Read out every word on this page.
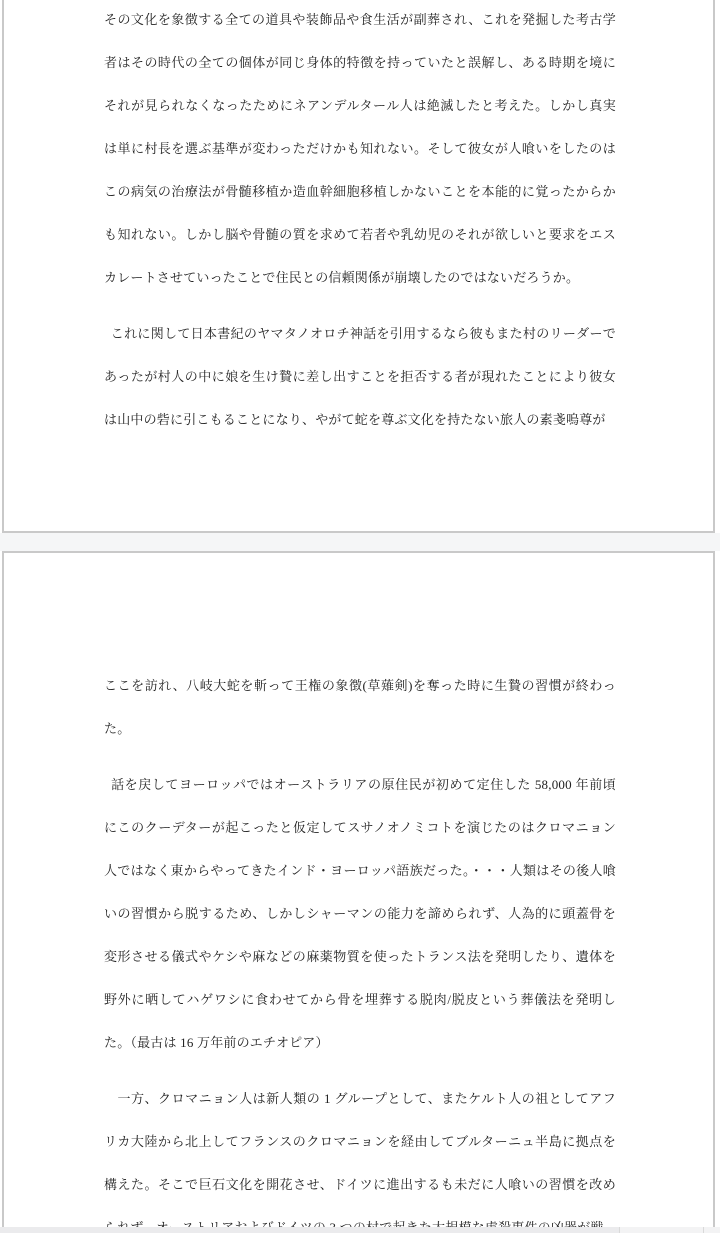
その文化を象徴する全ての道具や装飾品や食生活が副葬され、これを発掘した考古学
者はその時代の全ての個体が同じ身体的特徴を持っていたと誤解し、ある時期を境に
それが見られなくなったためにネアンデルタール人は絶滅したと考えた。しかし真実
は単に村長を選ぶ基準が変わっただけかも知れない。そして彼女が人喰いをしたのは
この病気の治療法が骨髄移植か造血幹細胞移植しかないことを本能的に覚ったからか
も知れない。しかし脳や骨髄の質を求めて若者や乳幼児のそれが欲しいと要求をエス
カレートさせていったことで住民との信頼関係が崩壊したのではないだろうか。
 これに関して日本書紀のヤマタノオロチ神話を引用するなら彼もまた村のリーダーで
あったが村人の中に娘を生け贄に差し出すことを拒否する者が現れたことにより彼女
は山中の砦に引こもることになり、やがて蛇を尊ぶ文化を持たない旅人の素戔嗚尊が
ここを訪れ、八岐大蛇を斬って王権の象徴(草薙剣)を奪った時に生贄の習慣が終わっ
た。
 話を戻してヨーロッパではオーストラリアの原住民が初めて定住した 58,000 年前頃
にこのクーデターが起こったと仮定してスサノオノミコトを演じたのはクロマニョン
人ではなく東からやってきたインド・ヨーロッパ語族だった。・・・人類はその後人喰
いの習慣から脱するため、しかしシャーマンの能力を諦められず、人為的に頭蓋骨を
変形させる儀式やケシや麻などの麻薬物質を使ったトランス法を発明したり、遺体を
野外に晒してハゲワシに食わせてから骨を埋葬する脱肉/脱皮という葬儀法を発明し
た。（最古は 16 万年前のエチオピア）
　一方、クロマニョン人は新人類の 1 グループとして、またケルト人の祖としてアフ
リカ大陸から北上してフランスのクロマニョンを経由してブルターニュ半島に拠点を
構えた。そこで巨石文化を開花させ、ドイツに進出するも未だに人喰いの習慣を改め
